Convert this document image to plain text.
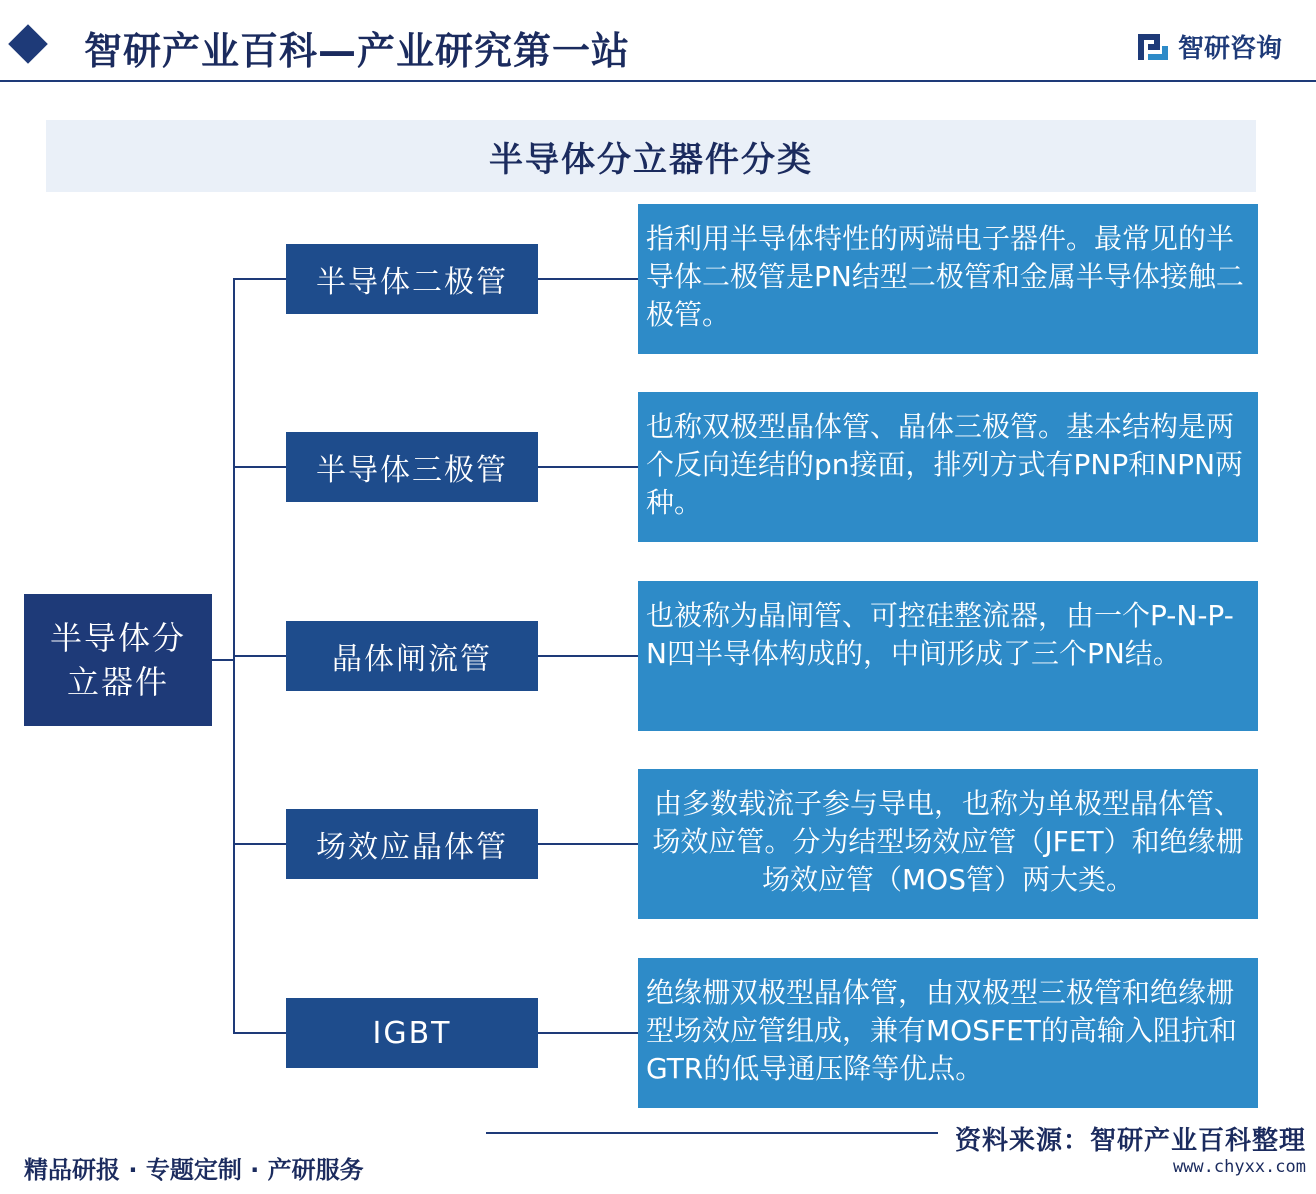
智研产业百科—产业研究第一站	智研咨询
半导体分立器件分类
半导体分立器件
半导体二极管
半导体三极管
晶体闸流管
场效应晶体管
IGBT
指利用半导体特性的两端电子器件。最常见的半导体二极管是PN结型二极管和金属半导体接触二极管。
也称双极型晶体管、晶体三极管。基本结构是两个反向连结的pn接面，排列方式有PNP和NPN两种。
也被称为晶闸管、可控硅整流器，由一个P-N-P-N四半导体构成的，中间形成了三个PN结。
由多数载流子参与导电，也称为单极型晶体管、场效应管。分为结型场效应管（JFET）和绝缘栅场效应管（MOS管）两大类。
绝缘栅双极型晶体管，由双极型三极管和绝缘栅型场效应管组成，兼有MOSFET的高输入阻抗和GTR的低导通压降等优点。
精品研报 · 专题定制 · 产研服务
资料来源：智研产业百科整理
www.chyxx.com
